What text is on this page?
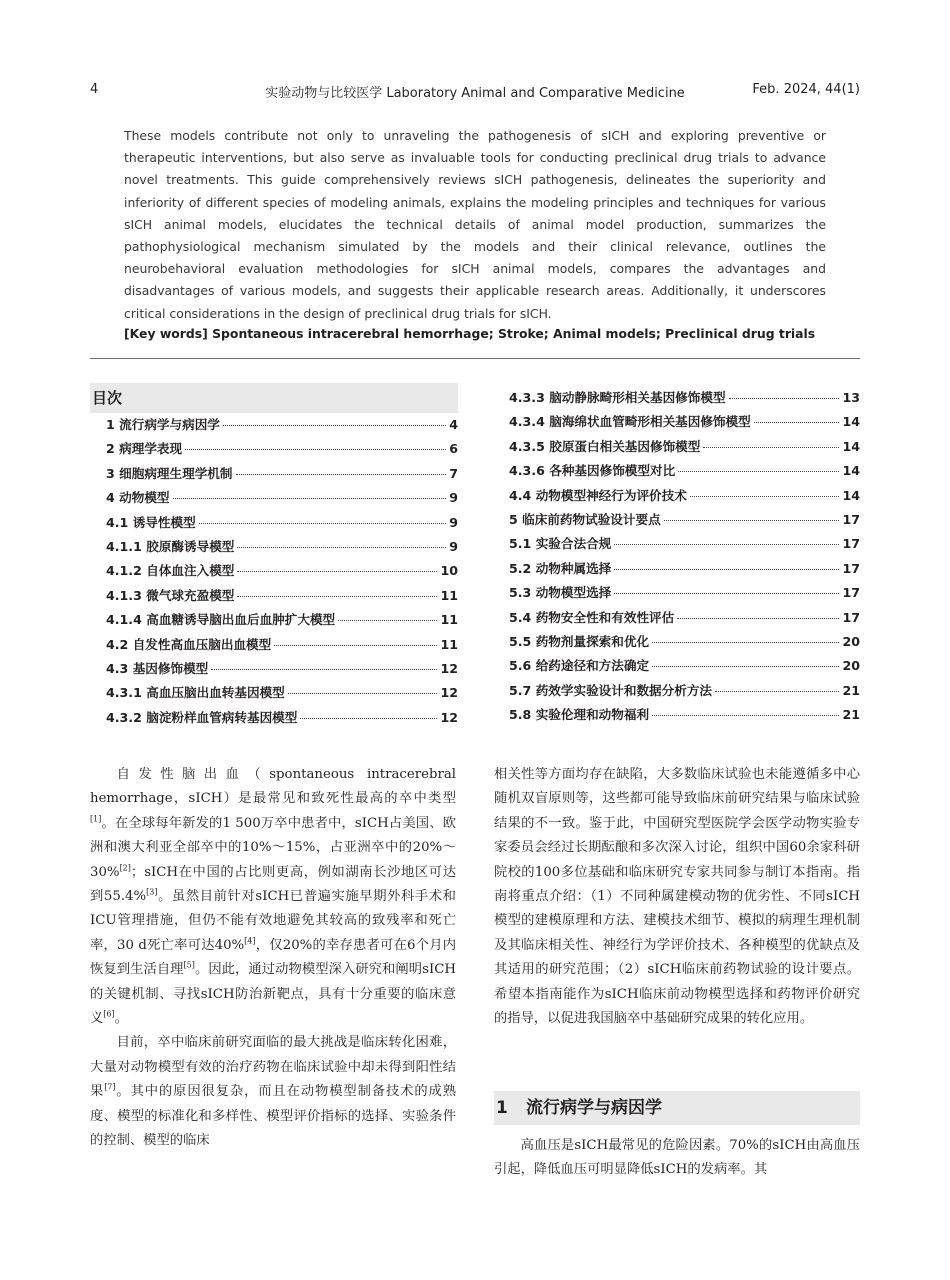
4	实验动物与比较医学 Laboratory Animal and Comparative Medicine	Feb. 2024, 44(1)

These models contribute not only to unraveling the pathogenesis of sICH and exploring preventive or therapeutic interventions, but also serve as invaluable tools for conducting preclinical drug trials to advance novel treatments. This guide comprehensively reviews sICH pathogenesis, delineates the superiority and inferiority of different species of modeling animals, explains the modeling principles and techniques for various sICH animal models, elucidates the technical details of animal model production, summarizes the pathophysiological mechanism simulated by the models and their clinical relevance, outlines the neurobehavioral evaluation methodologies for sICH animal models, compares the advantages and disadvantages of various models, and suggests their applicable research areas. Additionally, it underscores critical considerations in the design of preclinical drug trials for sICH.

[Key words] Spontaneous intracerebral hemorrhage; Stroke; Animal models; Preclinical drug trials

目次
1 流行病学与病因学	4
2 病理学表现	6
3 细胞病理生理学机制	7
4 动物模型	9
4.1 诱导性模型	9
4.1.1 胶原酶诱导模型	9
4.1.2 自体血注入模型	10
4.1.3 微气球充盈模型	11
4.1.4 高血糖诱导脑出血后血肿扩大模型	11
4.2 自发性高血压脑出血模型	11
4.3 基因修饰模型	12
4.3.1 高血压脑出血转基因模型	12
4.3.2 脑淀粉样血管病转基因模型	12
4.3.3 脑动静脉畸形相关基因修饰模型	13
4.3.4 脑海绵状血管畸形相关基因修饰模型	14
4.3.5 胶原蛋白相关基因修饰模型	14
4.3.6 各种基因修饰模型对比	14
4.4 动物模型神经行为评价技术	14
5 临床前药物试验设计要点	17
5.1 实验合法合规	17
5.2 动物种属选择	17
5.3 动物模型选择	17
5.4 药物安全性和有效性评估	17
5.5 药物剂量探索和优化	20
5.6 给药途径和方法确定	20
5.7 药效学实验设计和数据分析方法	21
5.8 实验伦理和动物福利	21

自发性脑出血（spontaneous intracerebral hemorrhage，sICH）是最常见和致死性最高的卒中类型[1]。在全球每年新发的1 500万卒中患者中，sICH占美国、欧洲和澳大利亚全部卒中的10%～15%，占亚洲卒中的20%～30%[2]；sICH在中国的占比则更高，例如湖南长沙地区可达到55.4%[3]。虽然目前针对sICH已普遍实施早期外科手术和ICU管理措施，但仍不能有效地避免其较高的致残率和死亡率，30 d死亡率可达40%[4]，仅20%的幸存患者可在6个月内恢复到生活自理[5]。因此，通过动物模型深入研究和阐明sICH的关键机制、寻找sICH防治新靶点，具有十分重要的临床意义[6]。

目前，卒中临床前研究面临的最大挑战是临床转化困难，大量对动物模型有效的治疗药物在临床试验中却未得到阳性结果[7]。其中的原因很复杂，而且在动物模型制备技术的成熟度、模型的标准化和多样性、模型评价指标的选择、实验条件的控制、模型的临床

相关性等方面均存在缺陷，大多数临床试验也未能遵循多中心随机双盲原则等，这些都可能导致临床前研究结果与临床试验结果的不一致。鉴于此，中国研究型医院学会医学动物实验专家委员会经过长期酝酿和多次深入讨论，组织中国60余家科研院校的100多位基础和临床研究专家共同参与制订本指南。指南将重点介绍：（1）不同种属建模动物的优劣性、不同sICH模型的建模原理和方法、建模技术细节、模拟的病理生理机制及其临床相关性、神经行为学评价技术、各种模型的优缺点及其适用的研究范围；（2）sICH临床前药物试验的设计要点。希望本指南能作为sICH临床前动物模型选择和药物评价研究的指导，以促进我国脑卒中基础研究成果的转化应用。

1 流行病学与病因学

高血压是sICH最常见的危险因素。70%的sICH由高血压引起，降低血压可明显降低sICH的发病率。其
